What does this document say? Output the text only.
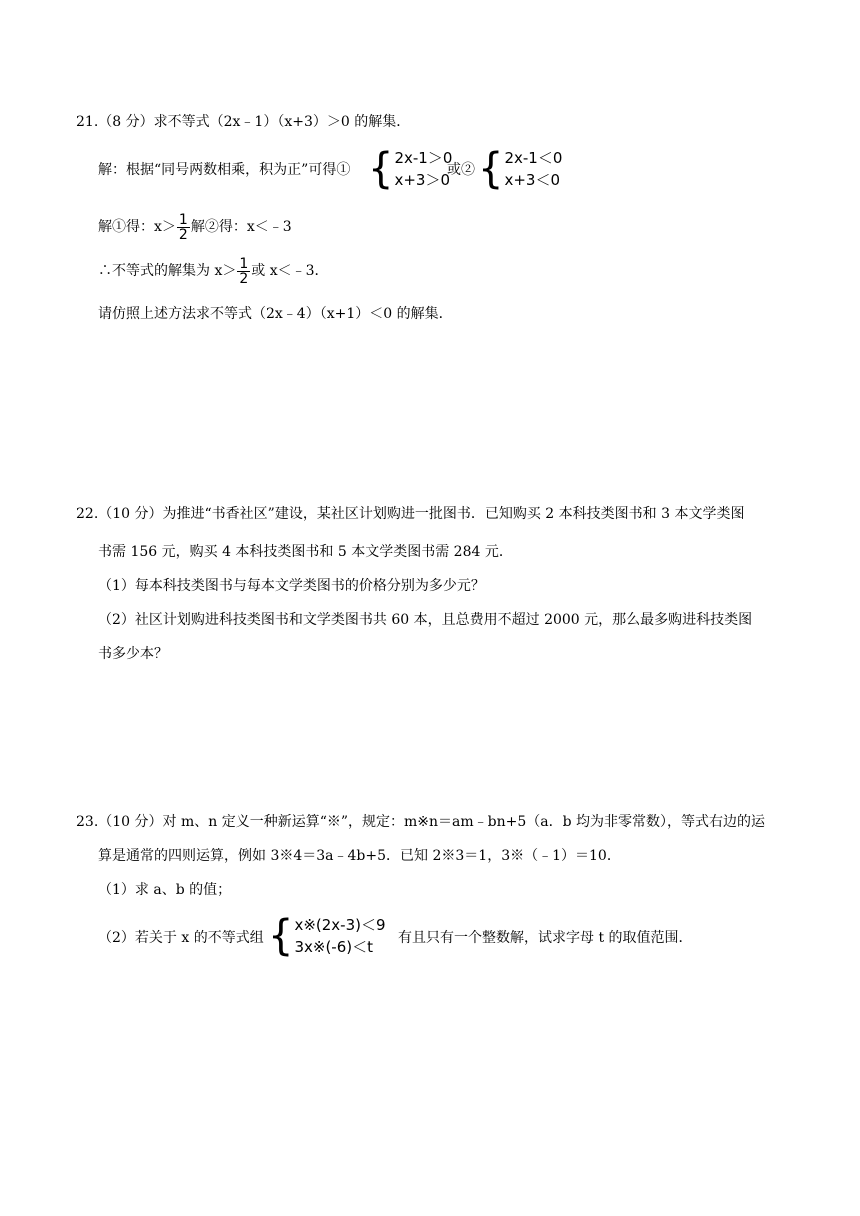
21.（8 分）求不等式（2x﹣1）（x+3）＞0 的解集．
解：根据“同号两数相乘，积为正”可得① { 2x-1＞0
x+3＞0
或② { 2x-1＜0
x+3＜0
解①得：$x> \frac{1}{2}$ 解②得：x＜﹣3
∴不等式的解集为 $x> \frac{1}{2}$ 或 x＜﹣3．
请仿照上述方法求不等式（2x﹣4）（x+1）＜0 的解集．
22.（10 分）为推进“书香社区”建设，某社区计划购进一批图书．已知购买 2 本科技类图书和 3 本文学类图
书需 156 元，购买 4 本科技类图书和 5 本文学类图书需 284 元．
（1）每本科技类图书与每本文学类图书的价格分别为多少元？
（2）社区计划购进科技类图书和文学类图书共 60 本，且总费用不超过 2000 元，那么最多购进科技类图
书多少本？
23.（10 分）对 m、n 定义一种新运算“※”，规定：m※n＝am﹣bn+5（a．b 均为非零常数），等式右边的运
算是通常的四则运算，例如 3※4＝3a﹣4b+5．已知 2※3＝1，3※（﹣1）＝10．
（1）求 a、b 的值；
（2）若关于 x 的不等式组 { x※(2x-3)＜9
3x※(-6)＜t	有且只有一个整数解，试求字母 t 的取值范围．
